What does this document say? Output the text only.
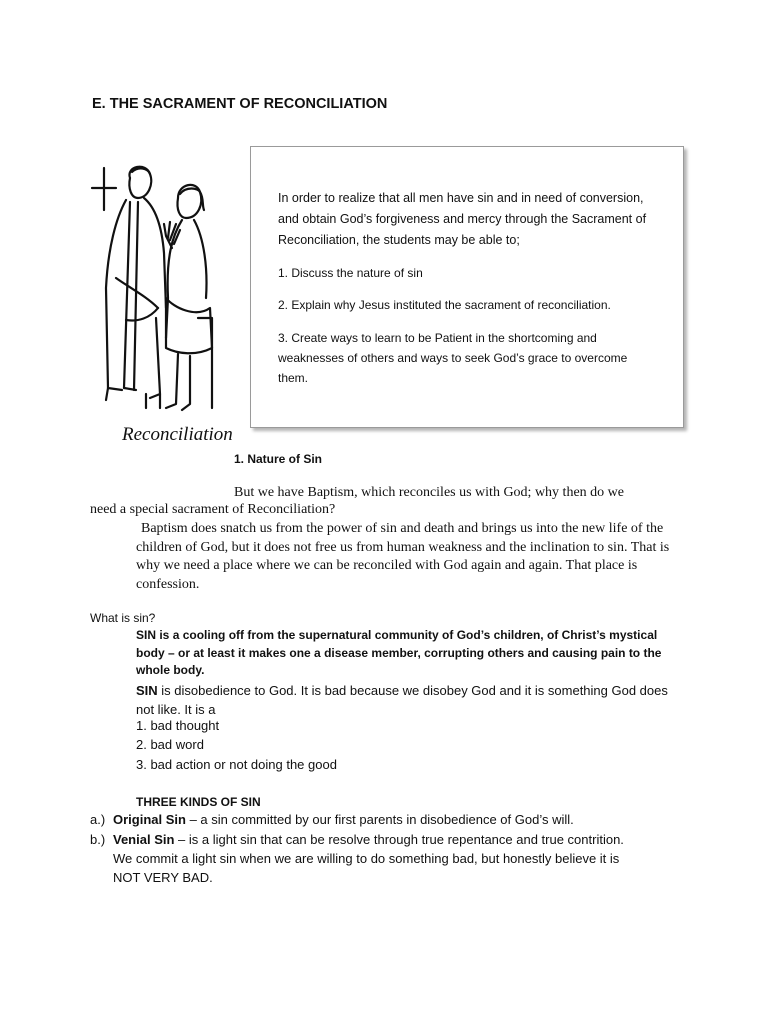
E. THE SACRAMENT OF RECONCILIATION
Reconciliation
In order to realize that all men have sin and in need of conversion, and obtain God’s forgiveness and mercy through the Sacrament of Reconciliation, the students may be able to;
1. Discuss the nature of sin
2. Explain why Jesus instituted the sacrament of reconciliation.
3. Create ways to learn to be Patient in the shortcoming and
weaknesses of others and ways to seek God’s grace to overcome
them.
1. Nature of Sin
But we have Baptism, which reconciles us with God; why then do we
need a special sacrament of Reconciliation?
Baptism does snatch us from the power of sin and death and brings us into the new life of the children of God, but it does not free us from human weakness and the inclination to sin. That is why we need a place where we can be reconciled with God again and again. That place is confession.
What is sin?
SIN is a cooling off from the supernatural community of God’s children, of Christ’s mystical body – or at least it makes one a disease member, corrupting others and causing pain to the whole body.
SIN is disobedience to God. It is bad because we disobey God and it is something God does not like. It is a
1. bad thought
2. bad word
3. bad action or not doing the good
THREE KINDS OF SIN
a.) Original Sin – a sin committed by our first parents in disobedience of God’s will.
b.) Venial Sin – is a light sin that can be resolve through true repentance and true contrition.
We commit a light sin when we are willing to do something bad, but honestly believe it is
NOT VERY BAD.
